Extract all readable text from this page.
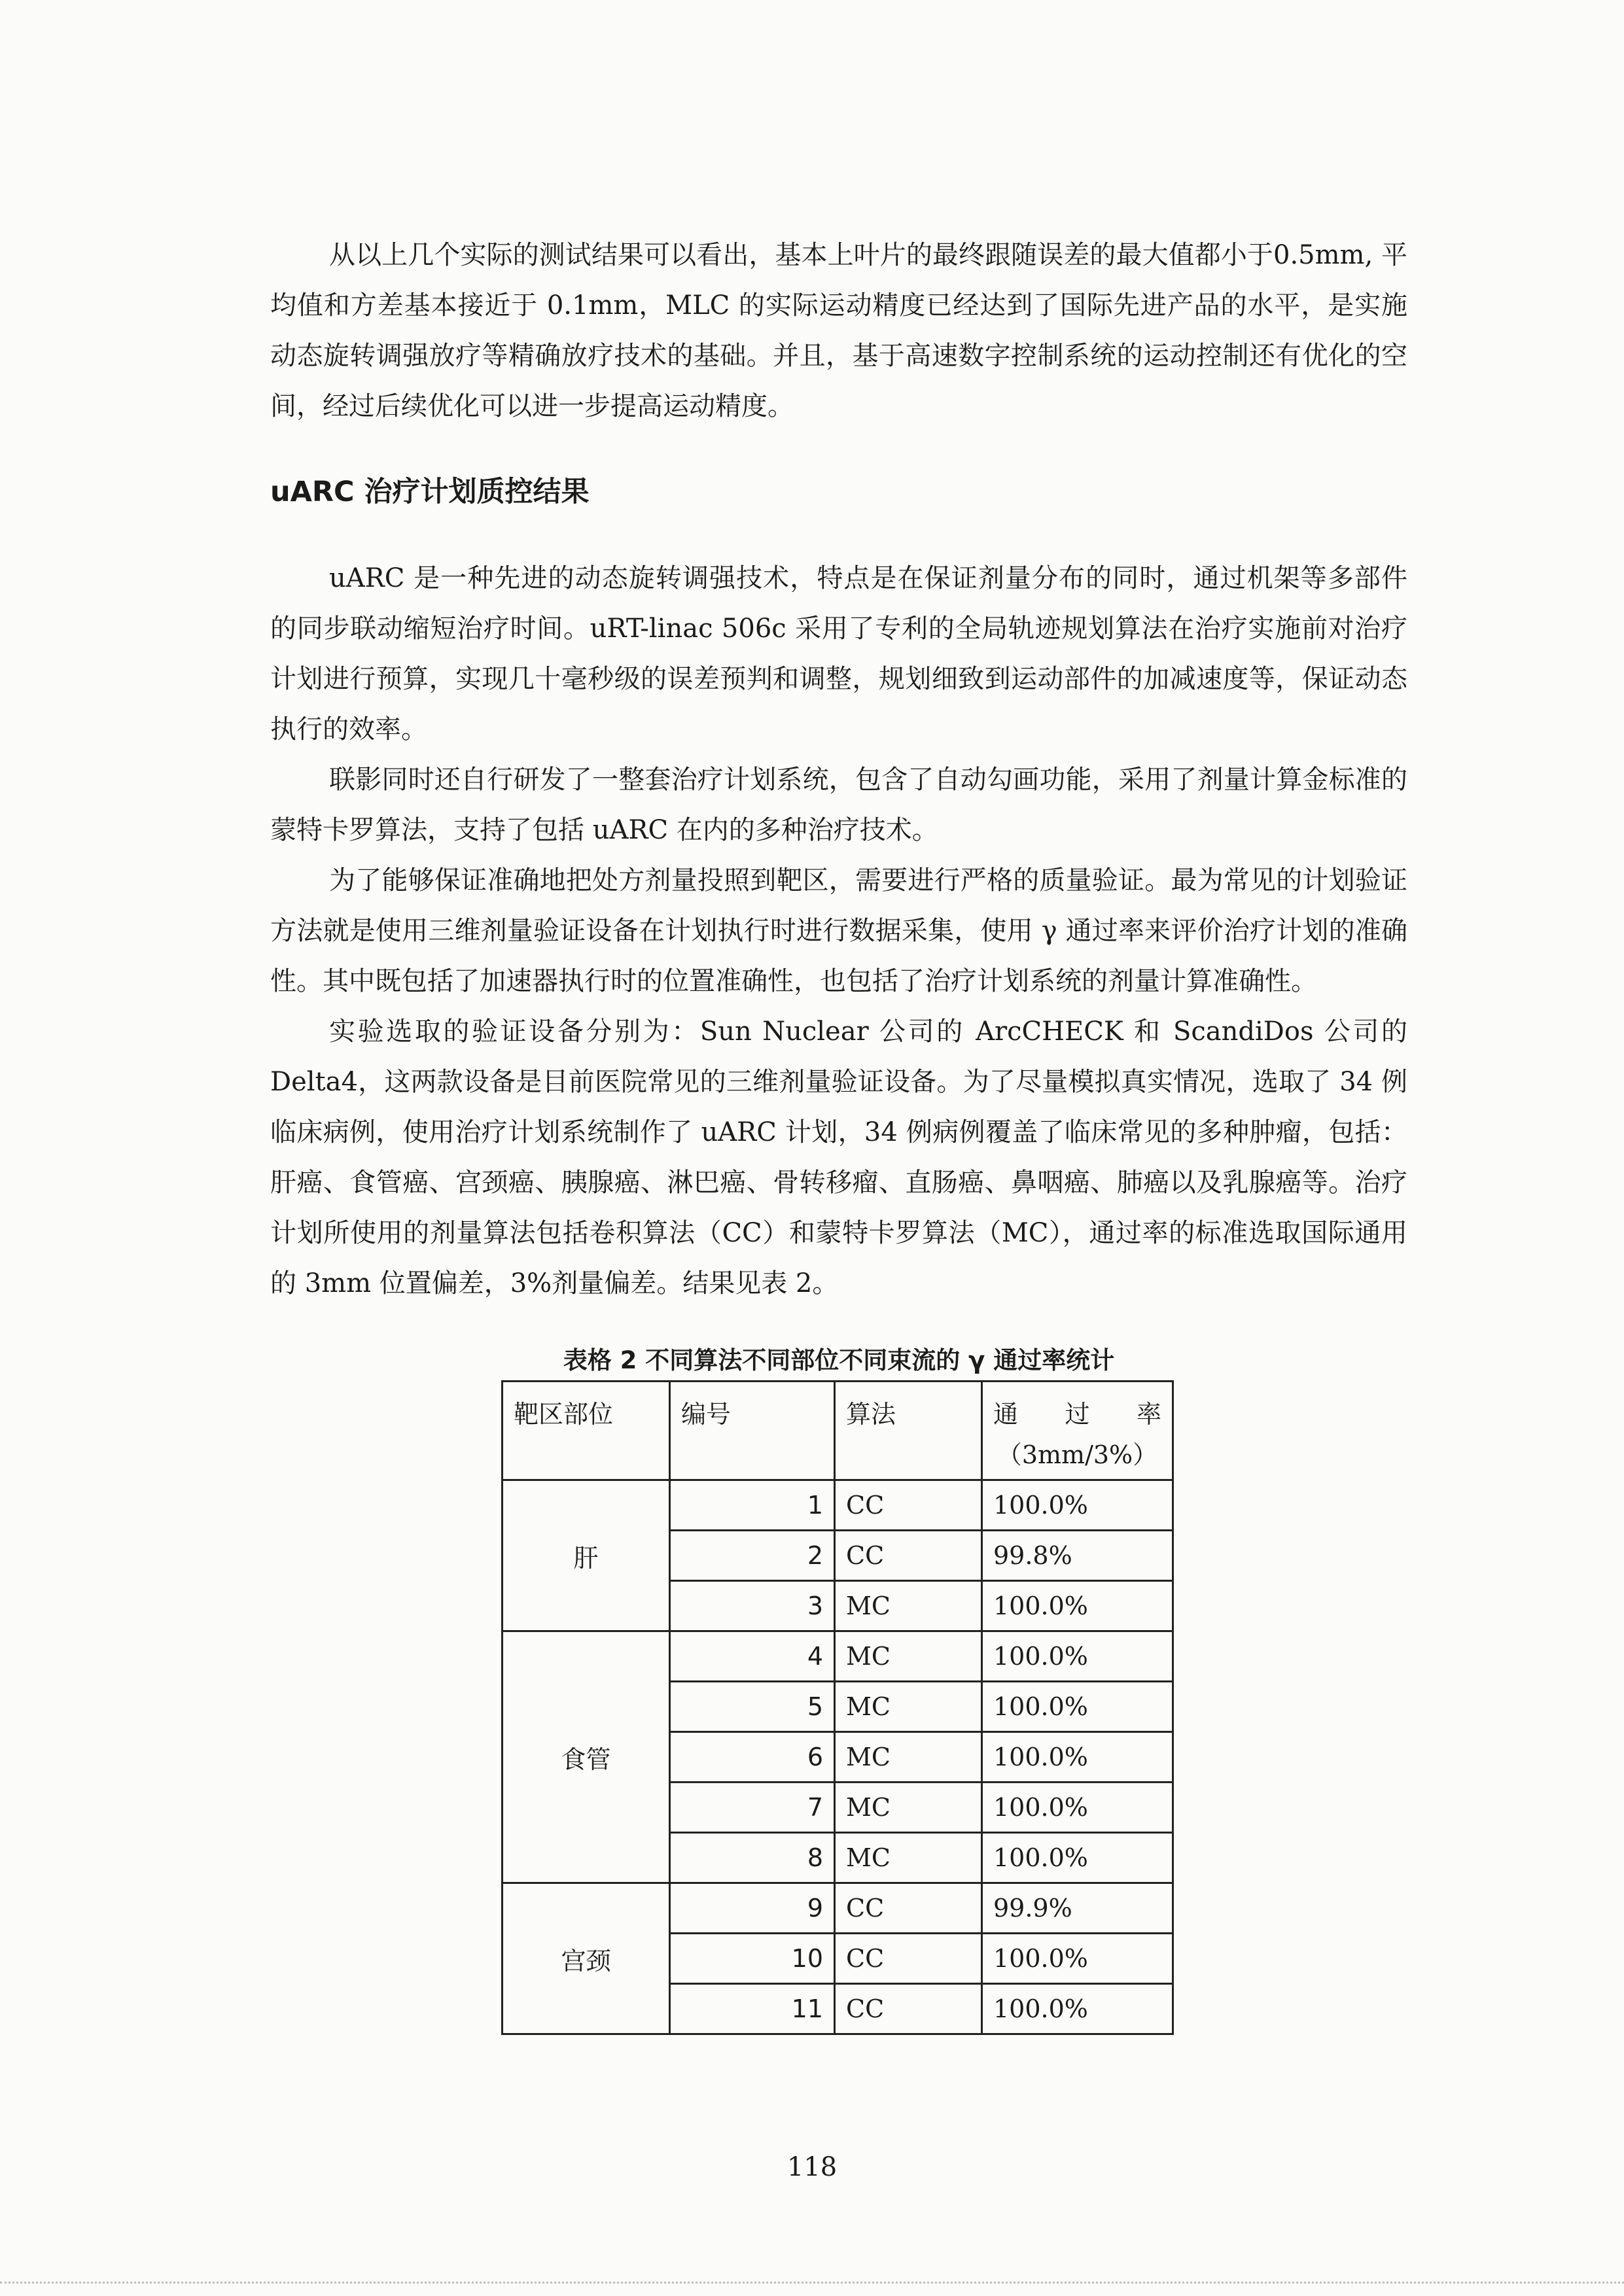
从以上几个实际的测试结果可以看出，基本上叶片的最终跟随误差的最大值都小于0.5mm, 平均值和方差基本接近于 0.1mm，MLC 的实际运动精度已经达到了国际先进产品的水平，是实施动态旋转调强放疗等精确放疗技术的基础。并且，基于高速数字控制系统的运动控制还有优化的空间，经过后续优化可以进一步提高运动精度。

uARC 治疗计划质控结果

uARC 是一种先进的动态旋转调强技术，特点是在保证剂量分布的同时，通过机架等多部件的同步联动缩短治疗时间。uRT-linac 506c 采用了专利的全局轨迹规划算法在治疗实施前对治疗计划进行预算，实现几十毫秒级的误差预判和调整，规划细致到运动部件的加减速度等，保证动态执行的效率。

联影同时还自行研发了一整套治疗计划系统，包含了自动勾画功能，采用了剂量计算金标准的蒙特卡罗算法，支持了包括 uARC 在内的多种治疗技术。

为了能够保证准确地把处方剂量投照到靶区，需要进行严格的质量验证。最为常见的计划验证方法就是使用三维剂量验证设备在计划执行时进行数据采集，使用 γ 通过率来评价治疗计划的准确性。其中既包括了加速器执行时的位置准确性，也包括了治疗计划系统的剂量计算准确性。

实验选取的验证设备分别为：Sun Nuclear 公司的 ArcCHECK 和 ScandiDos 公司的 Delta4，这两款设备是目前医院常见的三维剂量验证设备。为了尽量模拟真实情况，选取了 34 例临床病例，使用治疗计划系统制作了 uARC 计划，34 例病例覆盖了临床常见的多种肿瘤，包括：肝癌、食管癌、宫颈癌、胰腺癌、淋巴癌、骨转移瘤、直肠癌、鼻咽癌、肺癌以及乳腺癌等。治疗计划所使用的剂量算法包括卷积算法（CC）和蒙特卡罗算法（MC），通过率的标准选取国际通用的 3mm 位置偏差，3%剂量偏差。结果见表 2。

表格 2 不同算法不同部位不同束流的 γ 通过率统计

靶区部位	编号	算法	通 过 率
（3mm/3%）

肝	1	CC	100.0%
	2	CC	99.8%
	3	MC	100.0%
食管	4	MC	100.0%
	5	MC	100.0%
	6	MC	100.0%
	7	MC	100.0%
	8	MC	100.0%
宫颈	9	CC	99.9%
	10	CC	100.0%
	11	CC	100.0%

118
